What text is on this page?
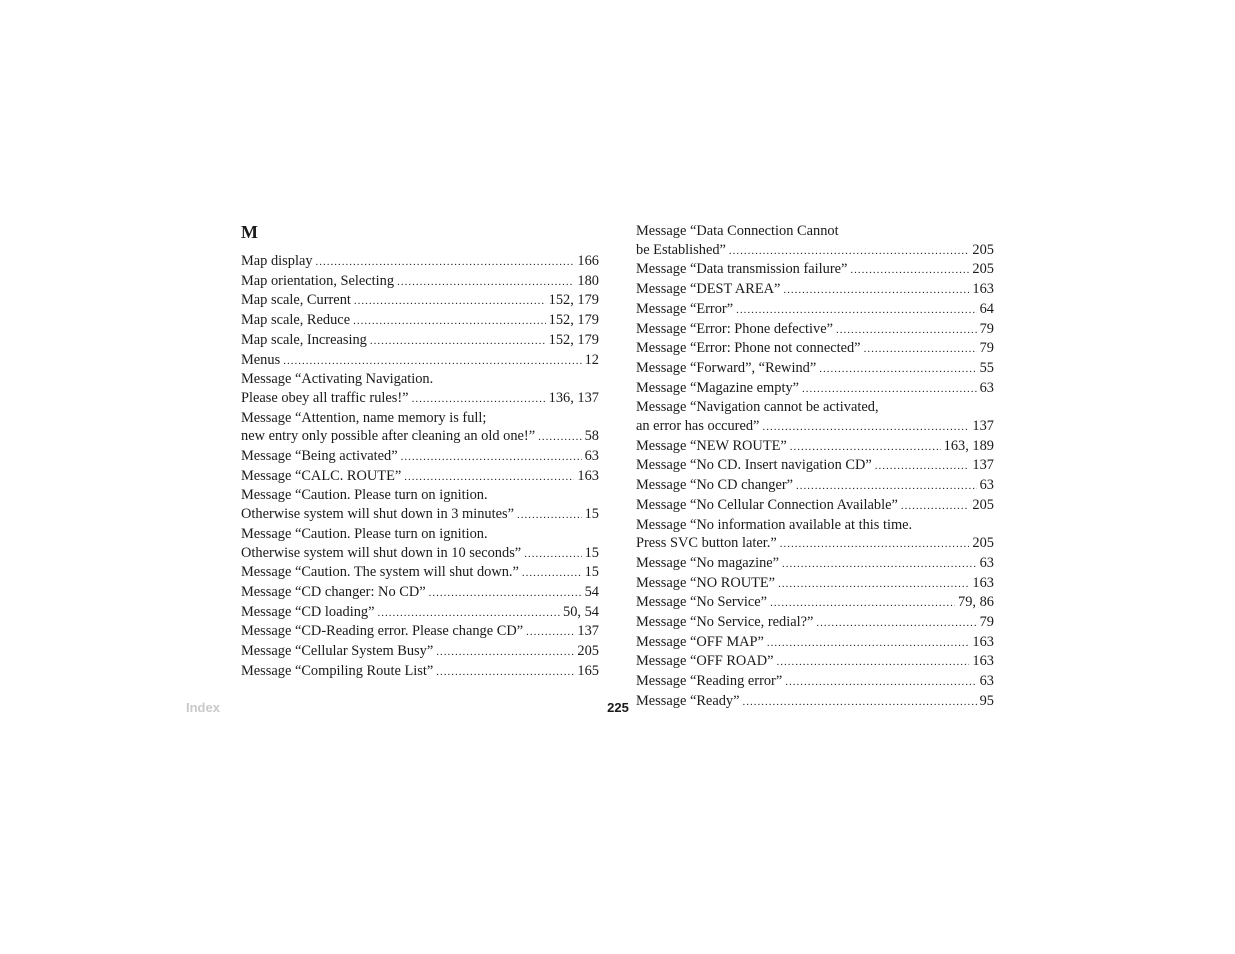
M
Map display .....	166
Map orientation, Selecting .....	180
Map scale, Current .....	152, 179
Map scale, Reduce .....	152, 179
Map scale, Increasing .....	152, 179
Menus .....	12
Message “Activating Navigation.
Please obey all traffic rules!” .....	136, 137
Message “Attention, name memory is full;
new entry only possible after cleaning an old one!” .....	58
Message “Being activated” .....	63
Message “CALC. ROUTE” .....	163
Message “Caution. Please turn on ignition.
Otherwise system will shut down in 3 minutes” .....	15
Message “Caution. Please turn on ignition.
Otherwise system will shut down in 10 seconds” .....	15
Message “Caution. The system will shut down.” .....	15
Message “CD changer: No CD” .....	54
Message “CD loading” .....	50, 54
Message “CD-Reading error. Please change CD” .....	137
Message “Cellular System Busy” .....	205
Message “Compiling Route List” .....	165
Message “Data Connection Cannot
be Established” .....	205
Message “Data transmission failure” .....	205
Message “DEST AREA” .....	163
Message “Error” .....	64
Message “Error: Phone defective” .....	79
Message “Error: Phone not connected” .....	79
Message “Forward”, “Rewind” .....	55
Message “Magazine empty” .....	63
Message “Navigation cannot be activated,
an error has occured” .....	137
Message “NEW ROUTE” .....	163, 189
Message “No CD. Insert navigation CD” .....	137
Message “No CD changer” .....	63
Message “No Cellular Connection Available” .....	205
Message “No information available at this time.
Press SVC button later.” .....	205
Message “No magazine” .....	63
Message “NO ROUTE” .....	163
Message “No Service” .....	79, 86
Message “No Service, redial?” .....	79
Message “OFF MAP” .....	163
Message “OFF ROAD” .....	163
Message “Reading error” .....	63
Message “Ready” .....	95
Index	225
